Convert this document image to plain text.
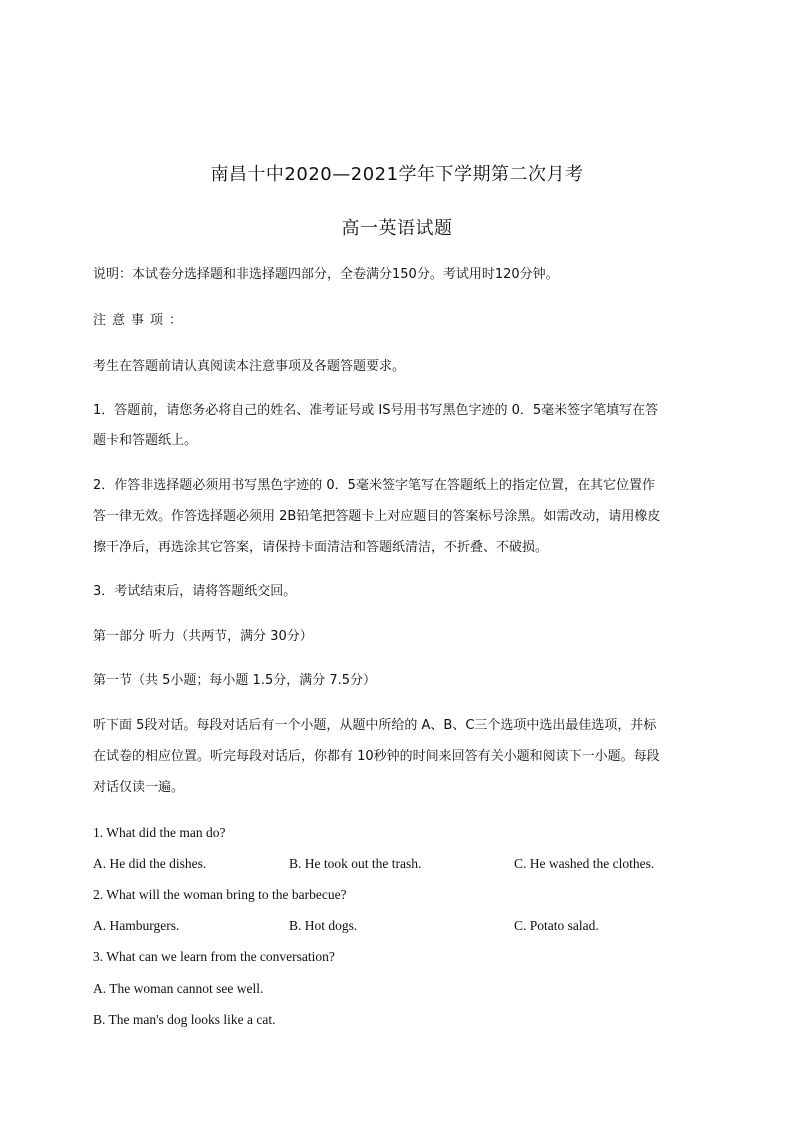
南昌十中2020—2021学年下学期第二次月考
高一英语试题
说明：本试卷分选择题和非选择题四部分，全卷满分150分。考试用时120分钟。
注意事项：
考生在答题前请认真阅读本注意事项及各题答题要求。
1．答题前，请您务必将自己的姓名、准考证号或 IS号用书写黑色字迹的 0．5毫米签字笔填写在答
题卡和答题纸上。
2．作答非选择题必须用书写黑色字迹的 0．5毫米签字笔写在答题纸上的指定位置，在其它位置作
答一律无效。作答选择题必须用 2B铅笔把答题卡上对应题目的答案标号涂黑。如需改动，请用橡皮
擦干净后，再选涂其它答案，请保持卡面清洁和答题纸清洁，不折叠、不破损。
3．考试结束后，请将答题纸交回。
第一部分 听力（共两节，满分 30分）
第一节（共 5小题；每小题 1.5分，满分 7.5分）
听下面 5段对话。每段对话后有一个小题，从题中所给的 A、B、C三个选项中选出最佳选项，并标
在试卷的相应位置。听完每段对话后，你都有 10秒钟的时间来回答有关小题和阅读下一小题。每段
对话仅读一遍。
1. What did the man do?
A. He did the dishes.	B. He took out the trash.	C. He washed the clothes.
2. What will the woman bring to the barbecue?
A. Hamburgers.	B. Hot dogs.	C. Potato salad.
3. What can we learn from the conversation?
A. The woman cannot see well.
B. The man's dog looks like a cat.
